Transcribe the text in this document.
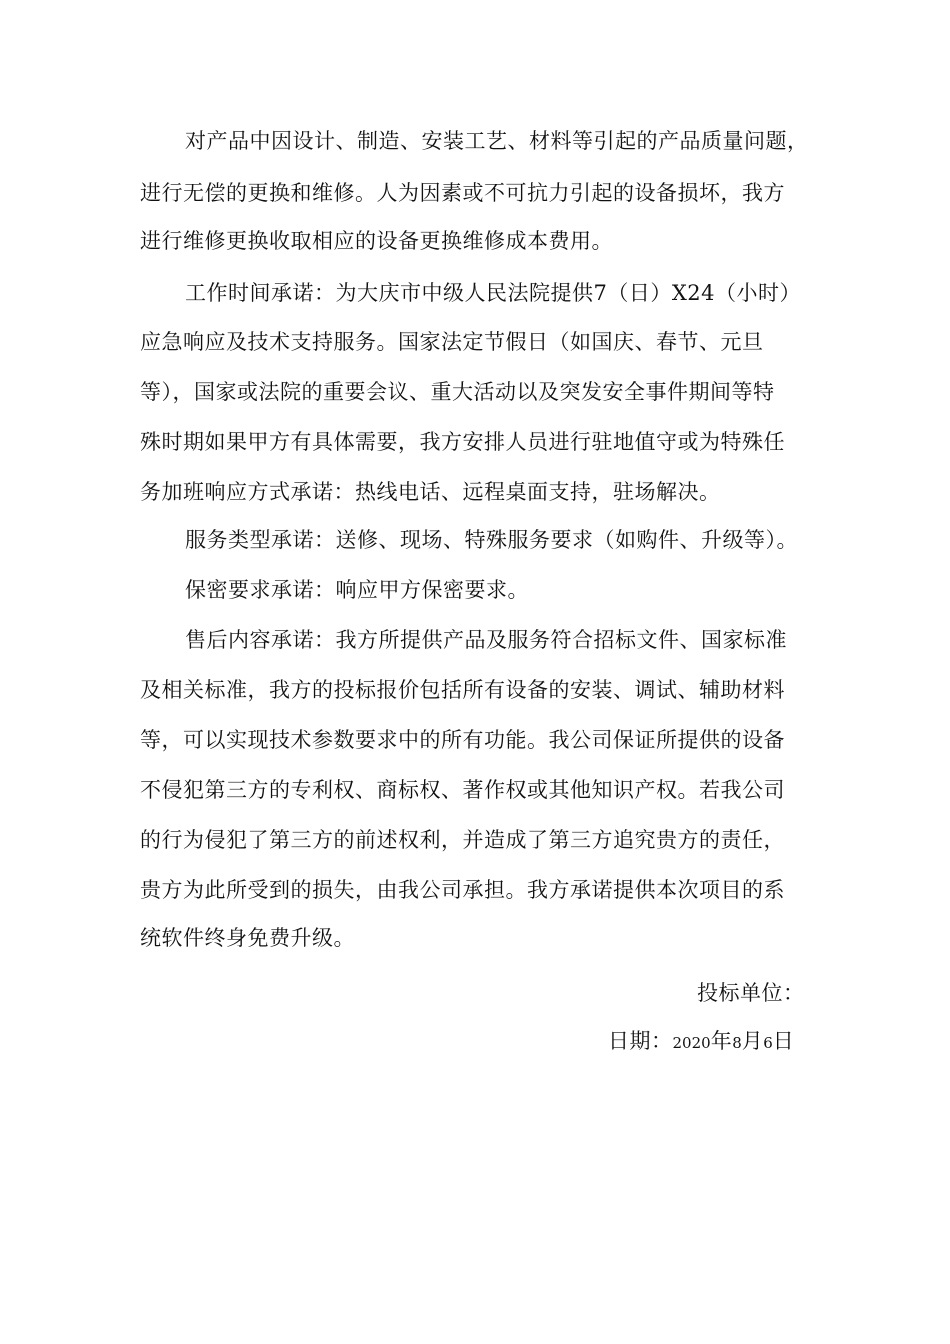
对产品中因设计、制造、安装工艺、材料等引起的产品质量问题，
进行无偿的更换和维修。人为因素或不可抗力引起的设备损坏，我方
进行维修更换收取相应的设备更换维修成本费用。
工作时间承诺：为大庆市中级人民法院提供7（日）X24（小时）
应急响应及技术支持服务。国家法定节假日（如国庆、春节、元旦
等），国家或法院的重要会议、重大活动以及突发安全事件期间等特
殊时期如果甲方有具体需要，我方安排人员进行驻地值守或为特殊任
务加班响应方式承诺：热线电话、远程桌面支持，驻场解决。
服务类型承诺：送修、现场、特殊服务要求（如购件、升级等）。
保密要求承诺：响应甲方保密要求。
售后内容承诺：我方所提供产品及服务符合招标文件、国家标准
及相关标准，我方的投标报价包括所有设备的安装、调试、辅助材料
等，可以实现技术参数要求中的所有功能。我公司保证所提供的设备
不侵犯第三方的专利权、商标权、著作权或其他知识产权。若我公司
的行为侵犯了第三方的前述权利，并造成了第三方追究贵方的责任，
贵方为此所受到的损失，由我公司承担。我方承诺提供本次项目的系
统软件终身免费升级。
投标单位：
日期：2020年8月6日
